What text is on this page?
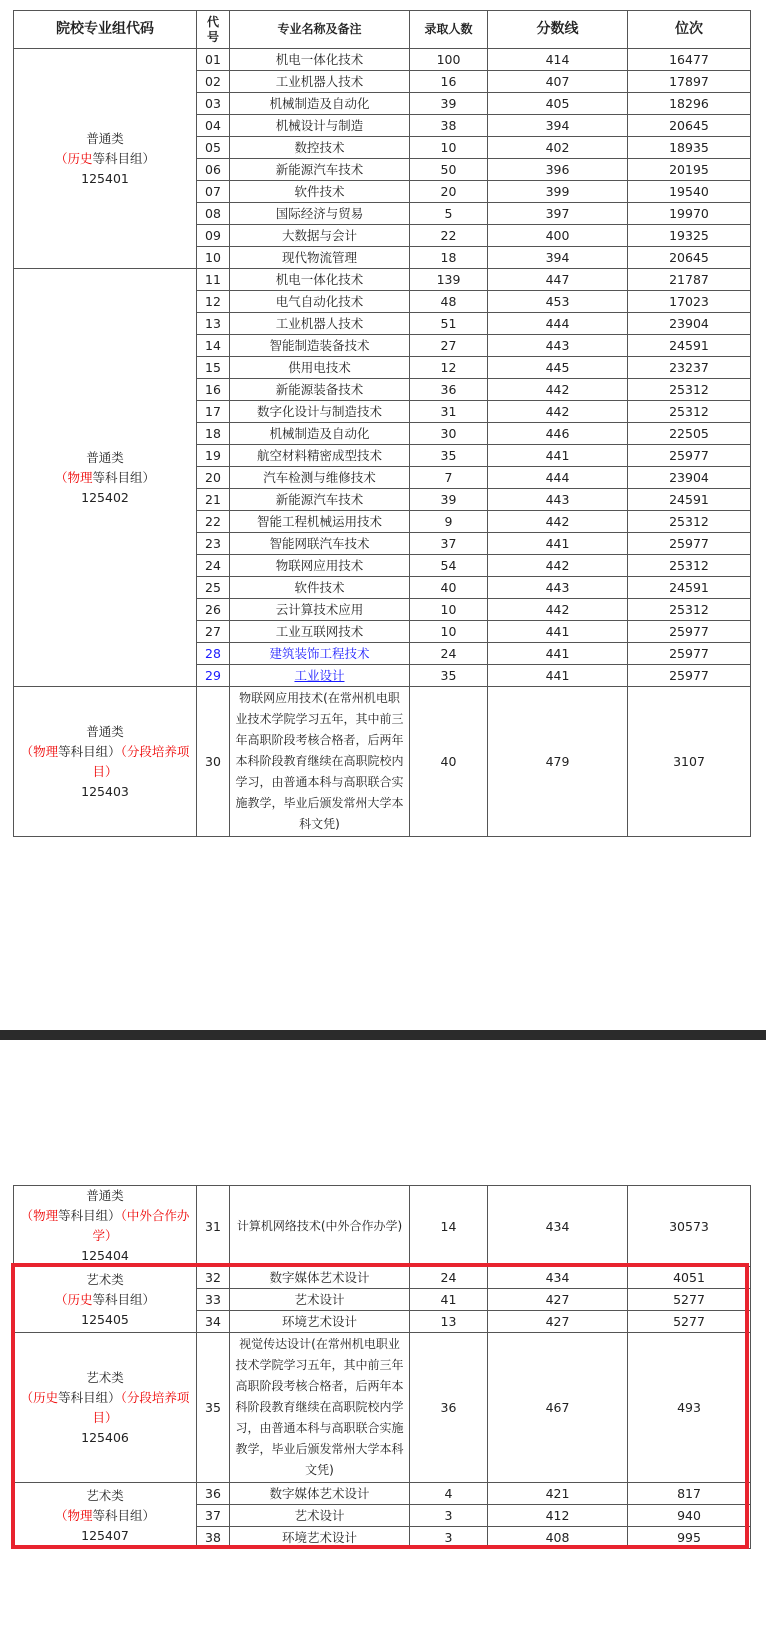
院校专业组代码	代号	专业名称及备注	录取人数	分数线	位次
普通类
（历史等科目组）
125401	01	机电一体化技术	100	414	16477
	02	工业机器人技术	16	407	17897
	03	机械制造及自动化	39	405	18296
	04	机械设计与制造	38	394	20645
	05	数控技术	10	402	18935
	06	新能源汽车技术	50	396	20195
	07	软件技术	20	399	19540
	08	国际经济与贸易	5	397	19970
	09	大数据与会计	22	400	19325
	10	现代物流管理	18	394	20645
普通类
（物理等科目组）
125402	11	机电一体化技术	139	447	21787
	12	电气自动化技术	48	453	17023
	13	工业机器人技术	51	444	23904
	14	智能制造装备技术	27	443	24591
	15	供用电技术	12	445	23237
	16	新能源装备技术	36	442	25312
	17	数字化设计与制造技术	31	442	25312
	18	机械制造及自动化	30	446	22505
	19	航空材料精密成型技术	35	441	25977
	20	汽车检测与维修技术	7	444	23904
	21	新能源汽车技术	39	443	24591
	22	智能工程机械运用技术	9	442	25312
	23	智能网联汽车技术	37	441	25977
	24	物联网应用技术	54	442	25312
	25	软件技术	40	443	24591
	26	云计算技术应用	10	442	25312
	27	工业互联网技术	10	441	25977
	28	建筑装饰工程技术	24	441	25977
	29	工业设计	35	441	25977
普通类
（物理等科目组）（分段培养项目）
125403	30	物联网应用技术(在常州机电职业技术学院学习五年，其中前三年高职阶段考核合格者，后两年本科阶段教育继续在高职院校内学习，由普通本科与高职联合实施教学，毕业后颁发常州大学本科文凭)	40	479	3107
普通类
（物理等科目组）（中外合作办学）
125404	31	计算机网络技术(中外合作办学)	14	434	30573
艺术类
（历史等科目组）
125405	32	数字媒体艺术设计	24	434	4051
	33	艺术设计	41	427	5277
	34	环境艺术设计	13	427	5277
艺术类
（历史等科目组）（分段培养项目）
125406	35	视觉传达设计(在常州机电职业技术学院学习五年，其中前三年高职阶段考核合格者，后两年本科阶段教育继续在高职院校内学习，由普通本科与高职联合实施教学，毕业后颁发常州大学本科文凭)	36	467	493
艺术类
（物理等科目组）
125407	36	数字媒体艺术设计	4	421	817
	37	艺术设计	3	412	940
	38	环境艺术设计	3	408	995
